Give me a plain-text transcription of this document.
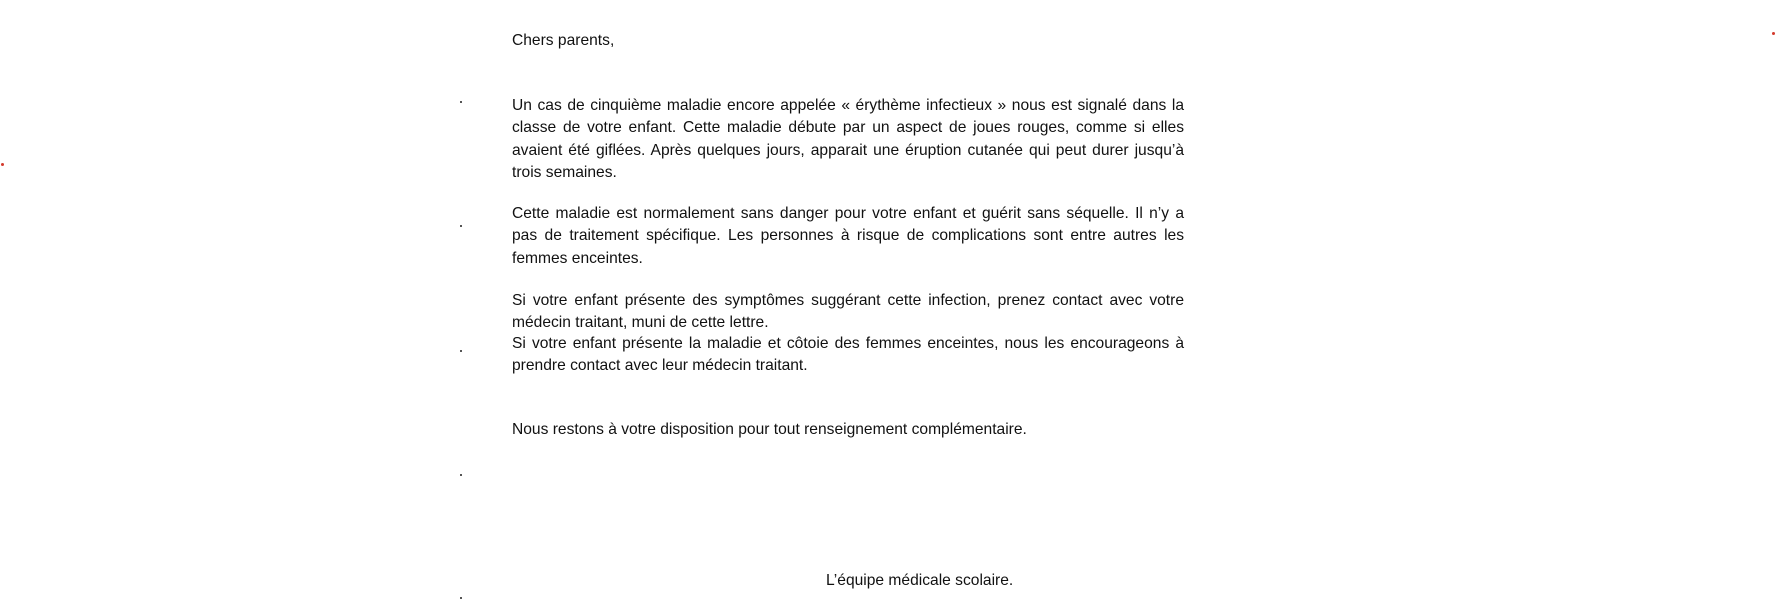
Chers parents,
Un cas de cinquième maladie encore appelée « érythème infectieux » nous est signalé dans la classe de votre enfant. Cette maladie débute par un aspect de joues rouges, comme si elles avaient été giflées. Après quelques jours, apparait une éruption cutanée qui peut durer jusqu’à trois semaines.
Cette maladie est normalement sans danger pour votre enfant et guérit sans séquelle. Il n’y a pas de traitement spécifique. Les personnes à risque de complications sont entre autres les femmes enceintes.
Si votre enfant présente des symptômes suggérant cette infection, prenez contact avec votre médecin traitant, muni de cette lettre.
Si votre enfant présente la maladie et côtoie des femmes enceintes, nous les encourageons à prendre contact avec leur médecin traitant.
Nous restons à votre disposition pour tout renseignement complémentaire.
L’équipe médicale scolaire.
